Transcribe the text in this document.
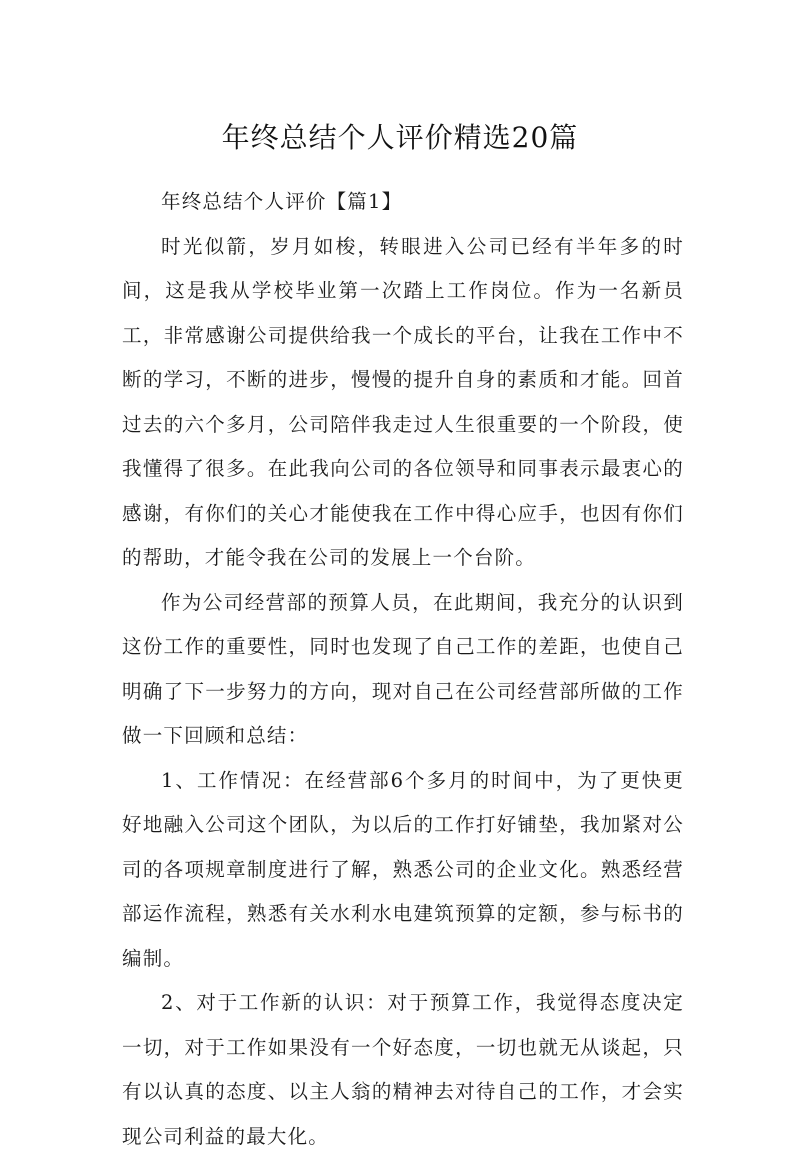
年终总结个人评价精选20篇

年终总结个人评价【篇1】

时光似箭，岁月如梭，转眼进入公司已经有半年多的时间，这是我从学校毕业第一次踏上工作岗位。作为一名新员工，非常感谢公司提供给我一个成长的平台，让我在工作中不断的学习，不断的进步，慢慢的提升自身的素质和才能。回首过去的六个多月，公司陪伴我走过人生很重要的一个阶段，使我懂得了很多。在此我向公司的各位领导和同事表示最衷心的感谢，有你们的关心才能使我在工作中得心应手，也因有你们的帮助，才能令我在公司的发展上一个台阶。

作为公司经营部的预算人员，在此期间，我充分的认识到这份工作的重要性，同时也发现了自己工作的差距，也使自己明确了下一步努力的方向，现对自己在公司经营部所做的工作做一下回顾和总结：

1、工作情况：在经营部6个多月的时间中，为了更快更好地融入公司这个团队，为以后的工作打好铺垫，我加紧对公司的各项规章制度进行了解，熟悉公司的企业文化。熟悉经营部运作流程，熟悉有关水利水电建筑预算的定额，参与标书的编制。

2、对于工作新的认识：对于预算工作，我觉得态度决定一切，对于工作如果没有一个好态度，一切也就无从谈起，只有以认真的态度、以主人翁的精神去对待自己的工作，才会实现公司利益的最大化。
